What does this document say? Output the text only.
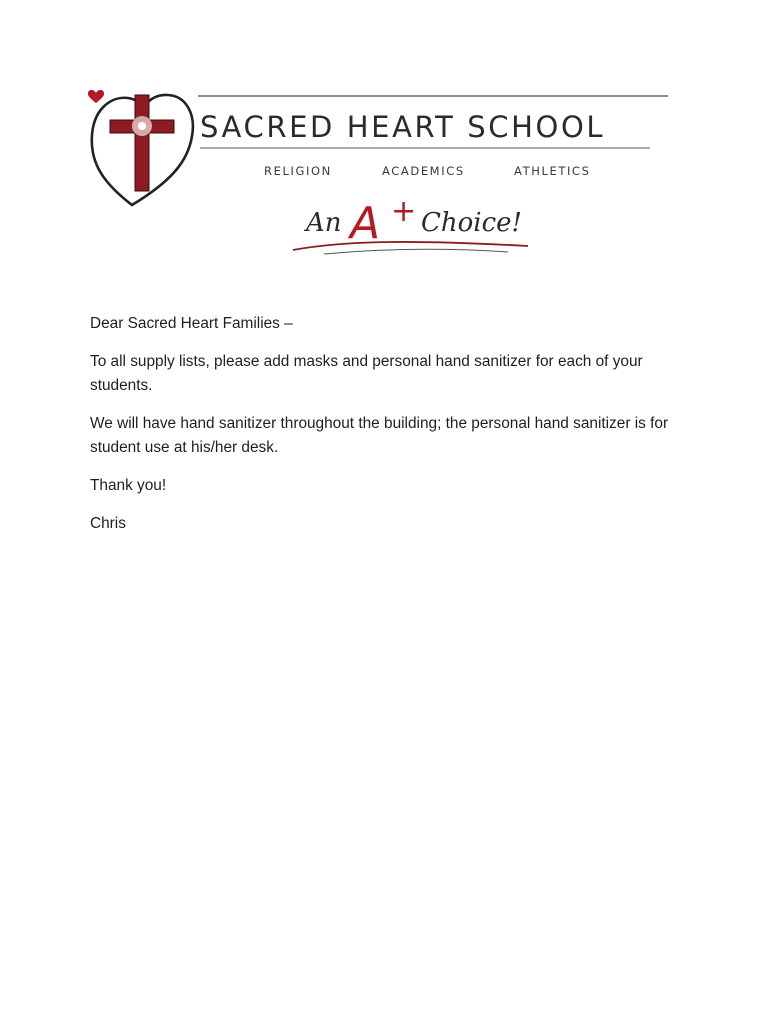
SACRED HEART SCHOOL
RELIGION	ACADEMICS	ATHLETICS
An A + Choice!

Dear Sacred Heart Families –

To all supply lists, please add masks and personal hand sanitizer for each of your students.

We will have hand sanitizer throughout the building; the personal hand sanitizer is for student use at his/her desk.

Thank you!

Chris
